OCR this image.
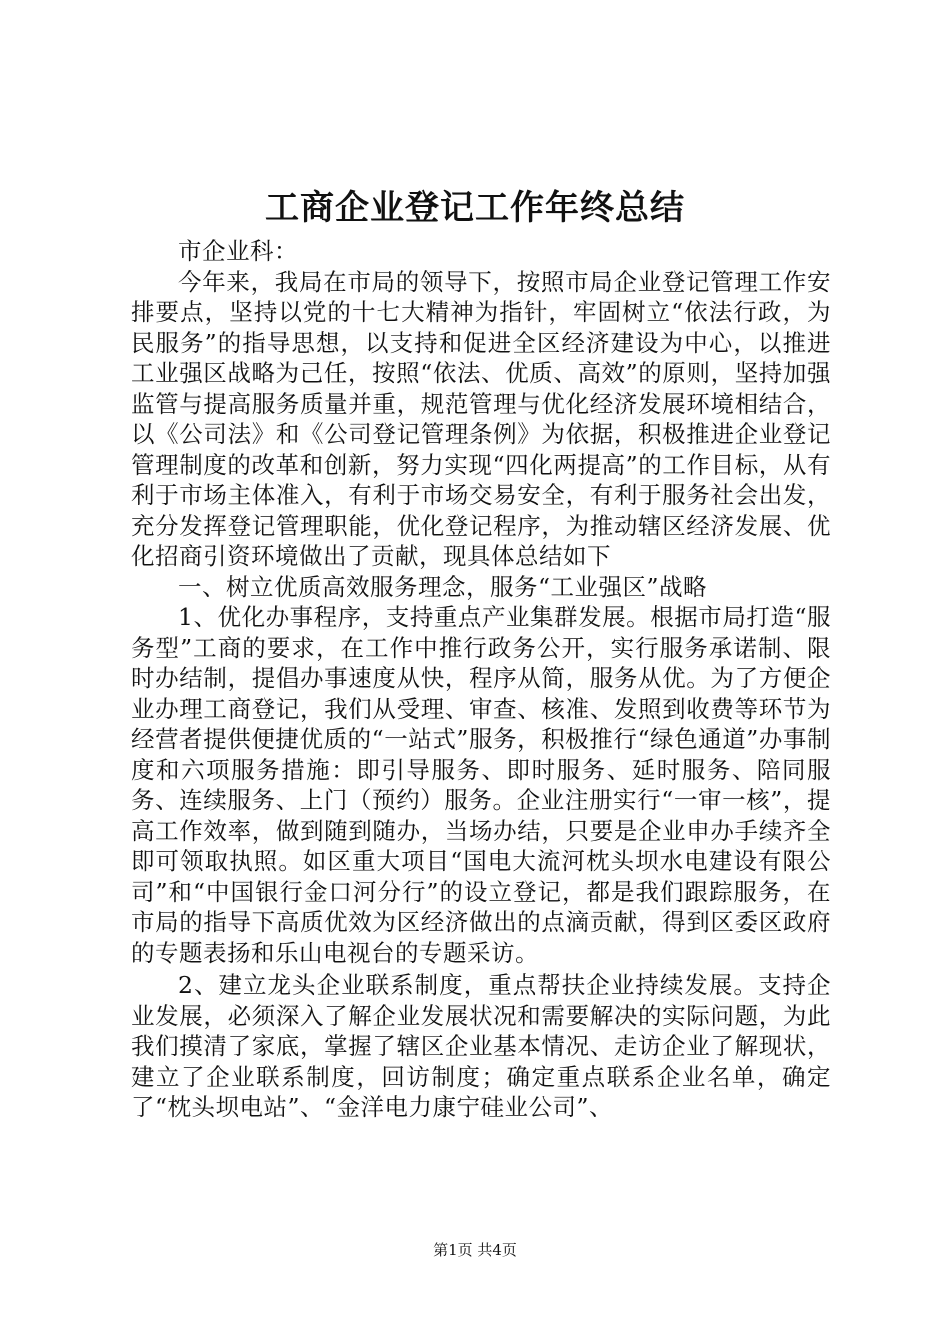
工商企业登记工作年终总结

市企业科：

今年来，我局在市局的领导下，按照市局企业登记管理工作安排要点，坚持以党的十七大精神为指针，牢固树立“依法行政，为民服务”的指导思想，以支持和促进全区经济建设为中心，以推进工业强区战略为己任，按照“依法、优质、高效”的原则，坚持加强监管与提高服务质量并重，规范管理与优化经济发展环境相结合，以《公司法》和《公司登记管理条例》为依据，积极推进企业登记管理制度的改革和创新，努力实现“四化两提高”的工作目标，从有利于市场主体准入，有利于市场交易安全，有利于服务社会出发，充分发挥登记管理职能，优化登记程序，为推动辖区经济发展、优化招商引资环境做出了贡献，现具体总结如下

一、树立优质高效服务理念，服务“工业强区”战略

1、优化办事程序，支持重点产业集群发展。根据市局打造“服务型”工商的要求，在工作中推行政务公开，实行服务承诺制、限时办结制，提倡办事速度从快，程序从简，服务从优。为了方便企业办理工商登记，我们从受理、审查、核准、发照到收费等环节为经营者提供便捷优质的“一站式”服务，积极推行“绿色通道”办事制度和六项服务措施：即引导服务、即时服务、延时服务、陪同服务、连续服务、上门（预约）服务。企业注册实行“一审一核”，提高工作效率，做到随到随办，当场办结，只要是企业申办手续齐全即可领取执照。如区重大项目“国电大流河枕头坝水电建设有限公司”和“中国银行金口河分行”的设立登记，都是我们跟踪服务，在市局的指导下高质优效为区经济做出的点滴贡献，得到区委区政府的专题表扬和乐山电视台的专题采访。

2、建立龙头企业联系制度，重点帮扶企业持续发展。支持企业发展，必须深入了解企业发展状况和需要解决的实际问题，为此我们摸清了家底，掌握了辖区企业基本情况、走访企业了解现状，建立了企业联系制度，回访制度；确定重点联系企业名单，确定了“枕头坝电站”、“金洋电力康宁硅业公司”、

第1页 共4页
